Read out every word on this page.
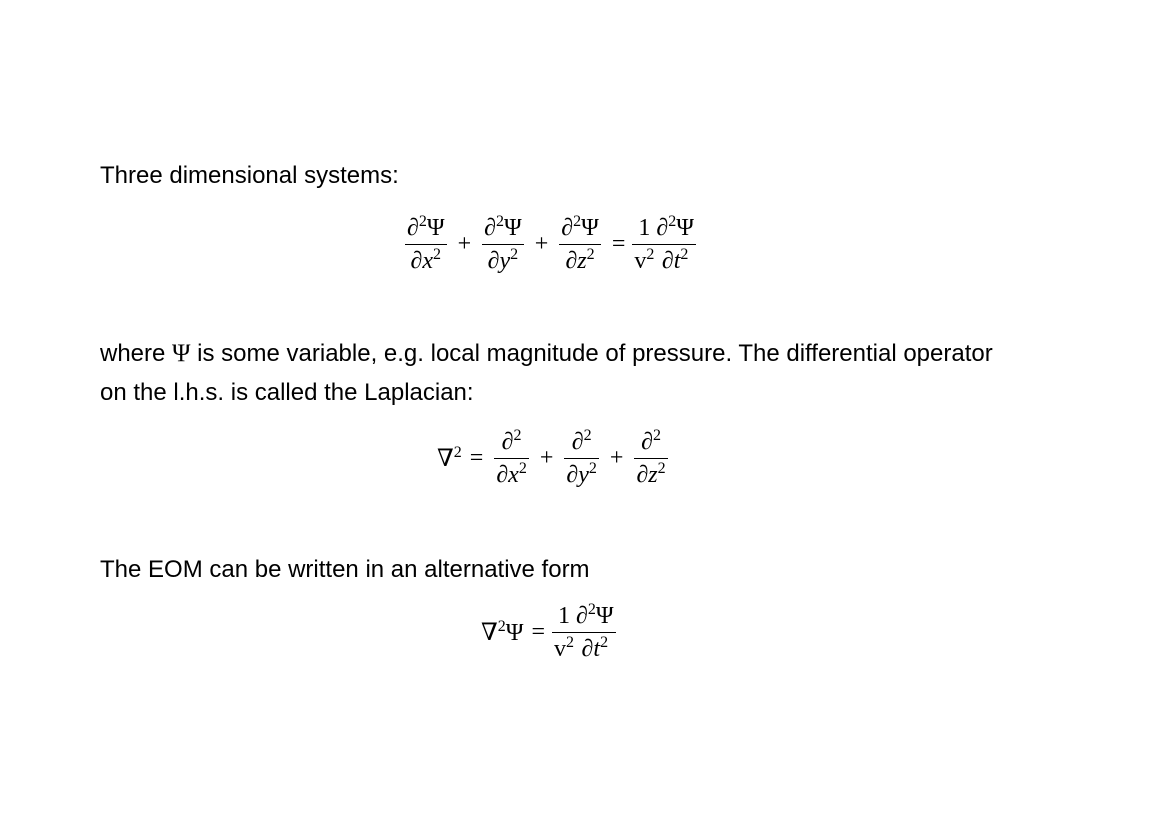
Three dimensional systems:
$\frac{\partial^2\Psi}{\partial x^2} + \frac{\partial^2\Psi}{\partial y^2} + \frac{\partial^2\Psi}{\partial z^2} = \frac{1}{v^2}$
$\frac{\partial^2\Psi}{\partial t^2}$
where Ψ is some variable, e.g. local magnitude of pressure. The differential operator
on the l.h.s. is called the Laplacian:
$\nabla^2 = \frac{\partial^2}{\partial x^2} + \frac{\partial^2}{\partial y^2} + \frac{\partial^2}{\partial z^2}$
The EOM can be written in an alternative form
$\nabla^2\Psi = \frac{1}{v^2}$
$\frac{\partial^2\Psi}{\partial t^2}$
